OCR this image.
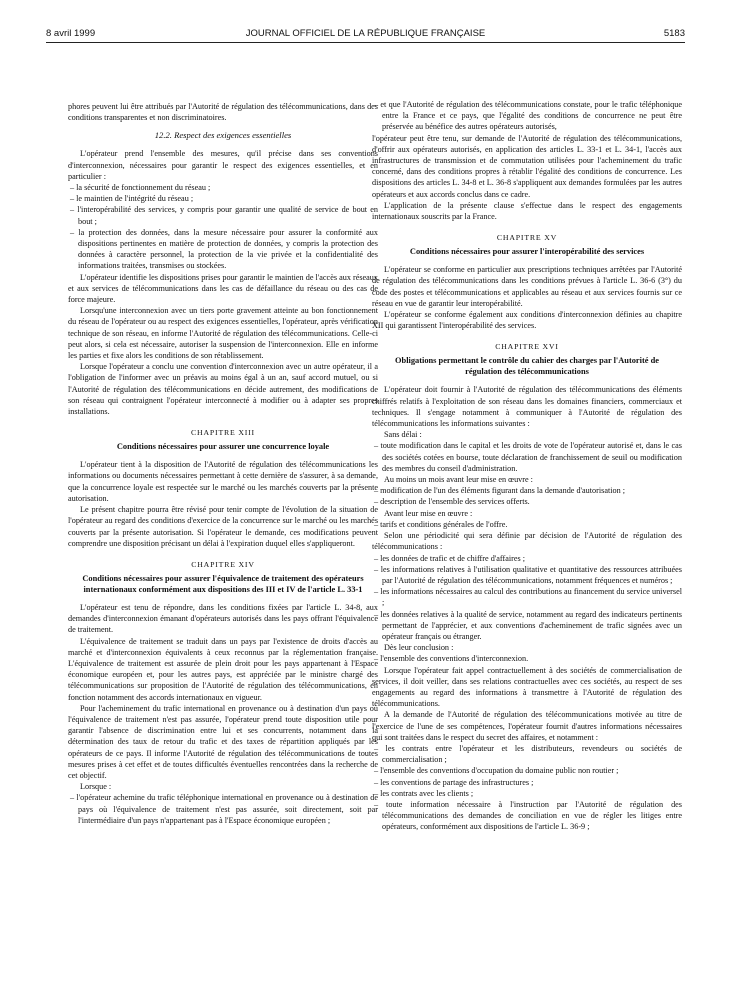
8 avril 1999	JOURNAL OFFICIEL DE LA RÉPUBLIQUE FRANÇAISE	5183

phores peuvent lui être attribués par l'Autorité de régulation des télécommunications, dans des conditions transparentes et non discriminatoires.

12.2. Respect des exigences essentielles

L'opérateur prend l'ensemble des mesures, qu'il précise dans ses conventions d'interconnexion, nécessaires pour garantir le respect des exigences essentielles, et en particulier :

– la sécurité de fonctionnement du réseau ;

– le maintien de l'intégrité du réseau ;

– l'interopérabilité des services, y compris pour garantir une qualité de service de bout en bout ;

– la protection des données, dans la mesure nécessaire pour assurer la conformité aux dispositions pertinentes en matière de protection de données, y compris la protection des données à caractère personnel, la protection de la vie privée et la confidentialité des informations traitées, transmises ou stockées.

L'opérateur identifie les dispositions prises pour garantir le maintien de l'accès aux réseaux et aux services de télécommunications dans les cas de défaillance du réseau ou des cas de force majeure.

Lorsqu'une interconnexion avec un tiers porte gravement atteinte au bon fonctionnement du réseau de l'opérateur ou au respect des exigences essentielles, l'opérateur, après vérification technique de son réseau, en informe l'Autorité de régulation des télécommunications. Celle-ci peut alors, si cela est nécessaire, autoriser la suspension de l'interconnexion. Elle en informe les parties et fixe alors les conditions de son rétablissement.

Lorsque l'opérateur a conclu une convention d'interconnexion avec un autre opérateur, il a l'obligation de l'informer avec un préavis au moins égal à un an, sauf accord mutuel, ou si l'Autorité de régulation des télécommunications en décide autrement, des modifications de son réseau qui contraignent l'opérateur interconnecté à modifier ou à adapter ses propres installations.

CHAPITRE XIII
Conditions nécessaires pour assurer une concurrence loyale

L'opérateur tient à la disposition de l'Autorité de régulation des télécommunications les informations ou documents nécessaires permettant à cette dernière de s'assurer, à sa demande, que la concurrence loyale est respectée sur le marché ou les marchés couverts par la présente autorisation.

Le présent chapitre pourra être révisé pour tenir compte de l'évolution de la situation de l'opérateur au regard des conditions d'exercice de la concurrence sur le marché ou les marchés couverts par la présente autorisation. Si l'opérateur le demande, ces modifications peuvent comprendre une disposition précisant un délai à l'expiration duquel elles s'appliqueront.

CHAPITRE XIV
Conditions nécessaires pour assurer l'équivalence de traitement des opérateurs internationaux conformément aux dispositions des III et IV de l'article L. 33-1

L'opérateur est tenu de répondre, dans les conditions fixées par l'article L. 34-8, aux demandes d'interconnexion émanant d'opérateurs autorisés dans les pays offrant l'équivalence de traitement.

L'équivalence de traitement se traduit dans un pays par l'existence de droits d'accès au marché et d'interconnexion équivalents à ceux reconnus par la réglementation française. L'équivalence de traitement est assurée de plein droit pour les pays appartenant à l'Espace économique européen et, pour les autres pays, est appréciée par le ministre chargé des télécommunications sur proposition de l'Autorité de régulation des télécommunications, en fonction notamment des accords internationaux en vigueur.

Pour l'acheminement du trafic international en provenance ou à destination d'un pays où l'équivalence de traitement n'est pas assurée, l'opérateur prend toute disposition utile pour garantir l'absence de discrimination entre lui et ses concurrents, notamment dans la détermination des taux de retour du trafic et des taxes de répartition appliqués par les opérateurs de ce pays. Il informe l'Autorité de régulation des télécommunications de toutes mesures prises à cet effet et de toutes difficultés éventuelles rencontrées dans la recherche de cet objectif.

Lorsque :

– l'opérateur achemine du trafic téléphonique international en provenance ou à destination de pays où l'équivalence de traitement n'est pas assurée, soit directement, soit par l'intermédiaire d'un pays n'appartenant pas à l'Espace économique européen ;

– et que l'Autorité de régulation des télécommunications constate, pour le trafic téléphonique entre la France et ce pays, que l'égalité des conditions de concurrence ne peut être préservée au bénéfice des autres opérateurs autorisés,

l'opérateur peut être tenu, sur demande de l'Autorité de régulation des télécommunications, d'offrir aux opérateurs autorisés, en application des articles L. 33-1 et L. 34-1, l'accès aux infrastructures de transmission et de commutation utilisées pour l'acheminement du trafic concerné, dans des conditions propres à rétablir l'égalité des conditions de concurrence. Les dispositions des articles L. 34-8 et L. 36-8 s'appliquent aux demandes formulées par les autres opérateurs et aux accords conclus dans ce cadre.

L'application de la présente clause s'effectue dans le respect des engagements internationaux souscrits par la France.

CHAPITRE XV
Conditions nécessaires pour assurer l'interopérabilité des services

L'opérateur se conforme en particulier aux prescriptions techniques arrêtées par l'Autorité de régulation des télécommunications dans les conditions prévues à l'article L. 36-6 (3°) du code des postes et télécommunications et applicables au réseau et aux services fournis sur ce réseau en vue de garantir leur interopérabilité.

L'opérateur se conforme également aux conditions d'interconnexion définies au chapitre XII qui garantissent l'interopérabilité des services.

CHAPITRE XVI
Obligations permettant le contrôle du cahier des charges par l'Autorité de régulation des télécommunications

L'opérateur doit fournir à l'Autorité de régulation des télécommunications des éléments chiffrés relatifs à l'exploitation de son réseau dans les domaines financiers, commerciaux et techniques. Il s'engage notamment à communiquer à l'Autorité de régulation des télécommunications les informations suivantes :

Sans délai :

– toute modification dans le capital et les droits de vote de l'opérateur autorisé et, dans le cas des sociétés cotées en bourse, toute déclaration de franchissement de seuil ou modification des membres du conseil d'administration.

Au moins un mois avant leur mise en œuvre :

– modification de l'un des éléments figurant dans la demande d'autorisation ;

– description de l'ensemble des services offerts.

Avant leur mise en œuvre :

– tarifs et conditions générales de l'offre.

Selon une périodicité qui sera définie par décision de l'Autorité de régulation des télécommunications :

– les données de trafic et de chiffre d'affaires ;

– les informations relatives à l'utilisation qualitative et quantitative des ressources attribuées par l'Autorité de régulation des télécommunications, notamment fréquences et numéros ;

– les informations nécessaires au calcul des contributions au financement du service universel ;

– les données relatives à la qualité de service, notamment au regard des indicateurs pertinents permettant de l'apprécier, et aux conventions d'acheminement de trafic signées avec un opérateur français ou étranger.

Dès leur conclusion :

– l'ensemble des conventions d'interconnexion.

Lorsque l'opérateur fait appel contractuellement à des sociétés de commercialisation de services, il doit veiller, dans ses relations contractuelles avec ces sociétés, au respect de ses engagements au regard des informations à transmettre à l'Autorité de régulation des télécommunications.

A la demande de l'Autorité de régulation des télécommunications motivée au titre de l'exercice de l'une de ses compétences, l'opérateur fournit d'autres informations nécessaires qui sont traitées dans le respect du secret des affaires, et notamment :

– les contrats entre l'opérateur et les distributeurs, revendeurs ou sociétés de commercialisation ;

– l'ensemble des conventions d'occupation du domaine public non routier ;

– les conventions de partage des infrastructures ;

– les contrats avec les clients ;

– toute information nécessaire à l'instruction par l'Autorité de régulation des télécommunications des demandes de conciliation en vue de régler les litiges entre opérateurs, conformément aux dispositions de l'article L. 36-9 ;
